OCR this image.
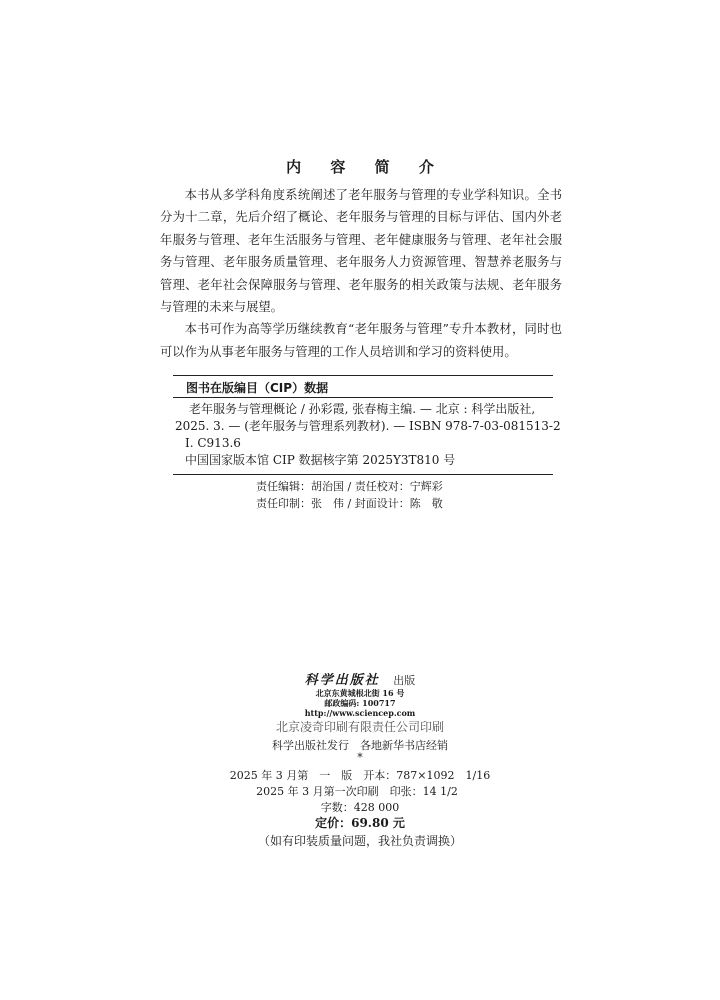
内 容 简 介

本书从多学科角度系统阐述了老年服务与管理的专业学科知识。全书分为十二章，先后介绍了概论、老年服务与管理的目标与评估、国内外老年服务与管理、老年生活服务与管理、老年健康服务与管理、老年社会服务与管理、老年服务质量管理、老年服务人力资源管理、智慧养老服务与管理、老年社会保障服务与管理、老年服务的相关政策与法规、老年服务与管理的未来与展望。

本书可作为高等学历继续教育“老年服务与管理”专升本教材，同时也可以作为从事老年服务与管理的工作人员培训和学习的资料使用。

图书在版编目（CIP）数据
老年服务与管理概论 / 孙彩霞, 张春梅主编. — 北京 : 科学出版社,
2025. 3. — (老年服务与管理系列教材). — ISBN 978-7-03-081513-2
Ⅰ. C913.6
中国国家版本馆 CIP 数据核字第 2025Y3T810 号
责任编辑：胡治国 / 责任校对：宁辉彩
责任印制：张　伟 / 封面设计：陈　敬
科学出版社 出版
北京东黄城根北街 16 号
邮政编码: 100717
http://www.sciencep.com
北京凌奇印刷有限责任公司印刷
科学出版社发行　各地新华书店经销
*
2025 年 3 月第　一　版　开本：787×1092　1/16
2025 年 3 月第一次印刷　印张：14 1/2
字数：428 000
定价：69.80 元
（如有印装质量问题，我社负责调换）
